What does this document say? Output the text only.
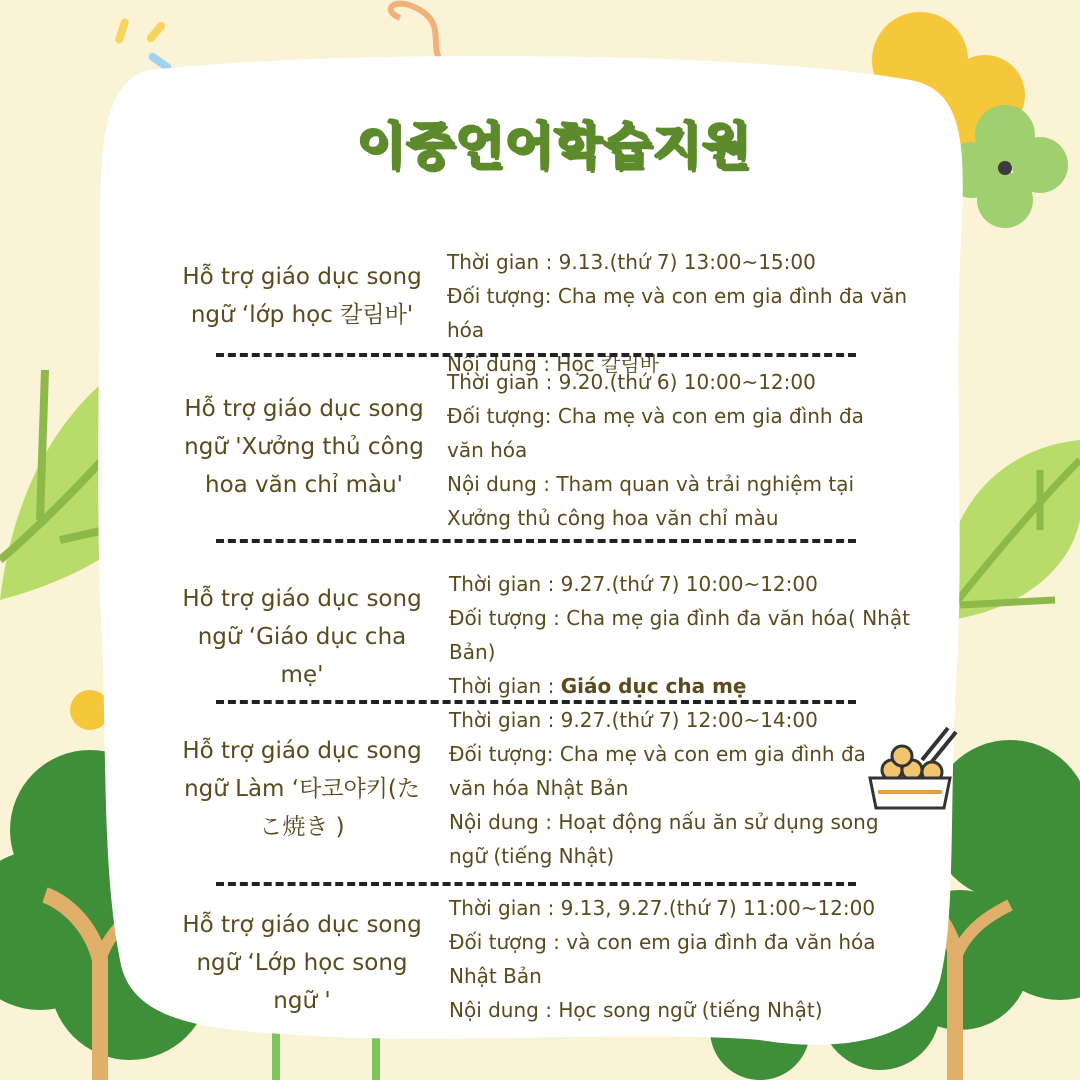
이중언어학습지원
Hỗ trợ giáo dục song ngữ ‘lớp học 칼림바'
Thời gian : 9.13.(thứ 7) 13:00~15:00
Đối tượng: Cha mẹ và con em gia đình đa văn hóa
Nội dung : Học 칼림바
Hỗ trợ giáo dục song ngữ 'Xưởng thủ công hoa văn chỉ màu'
Thời gian : 9.20.(thứ 6) 10:00~12:00
Đối tượng: Cha mẹ và con em gia đình đa văn hóa
Nội dung : Tham quan và trải nghiệm tại Xưởng thủ công hoa văn chỉ màu
Hỗ trợ giáo dục song ngữ ‘Giáo dục cha mẹ'
Thời gian : 9.27.(thứ 7) 10:00~12:00
Đối tượng : Cha mẹ gia đình đa văn hóa( Nhật Bản)
Thời gian : Giáo dục cha mẹ
Hỗ trợ giáo dục song ngữ Làm ‘타코야키(たこ焼き )
Thời gian : 9.27.(thứ 7) 12:00~14:00
Đối tượng: Cha mẹ và con em gia đình đa văn hóa Nhật Bản
Nội dung : Hoạt động nấu ăn sử dụng song ngữ (tiếng Nhật)
Hỗ trợ giáo dục song ngữ ‘Lớp học song ngữ '
Thời gian : 9.13, 9.27.(thứ 7) 11:00~12:00
Đối tượng : và con em gia đình đa văn hóa Nhật Bản
Nội dung : Học song ngữ (tiếng Nhật)
